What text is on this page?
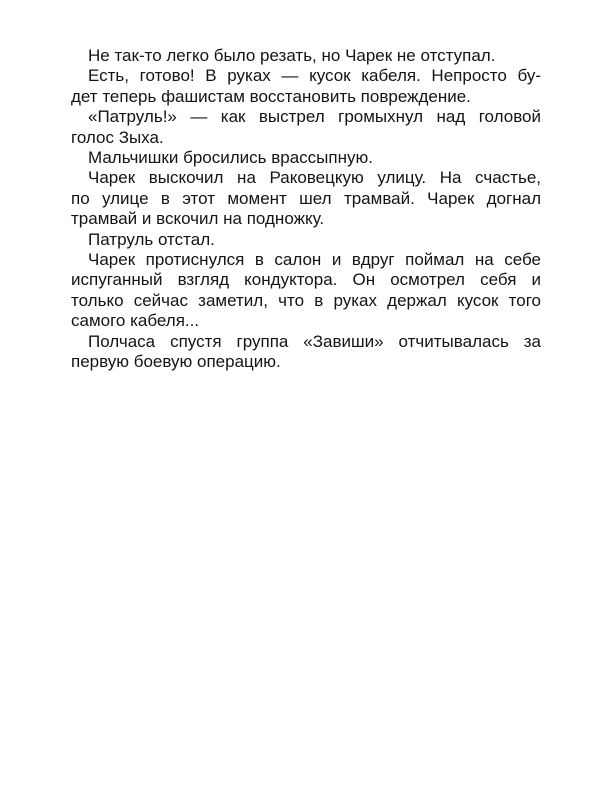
Не так-то легко было резать, но Чарек не отступал.

Есть, готово! В руках — кусок кабеля. Непросто бу-
дет теперь фашистам восстановить повреждение.

«Патруль!» — как выстрел громыхнул над головой
голос Зыха.

Мальчишки бросились врассыпную.

Чарек выскочил на Раковецкую улицу. На счастье,
по улице в этот момент шел трамвай. Чарек догнал
трамвай и вскочил на подножку.

Патруль отстал.

Чарек протиснулся в салон и вдруг поймал на себе
испуганный взгляд кондуктора. Он осмотрел себя и
только сейчас заметил, что в руках держал кусок того
самого кабеля...

Полчаса спустя группа «Завиши» отчитывалась за
первую боевую операцию.
